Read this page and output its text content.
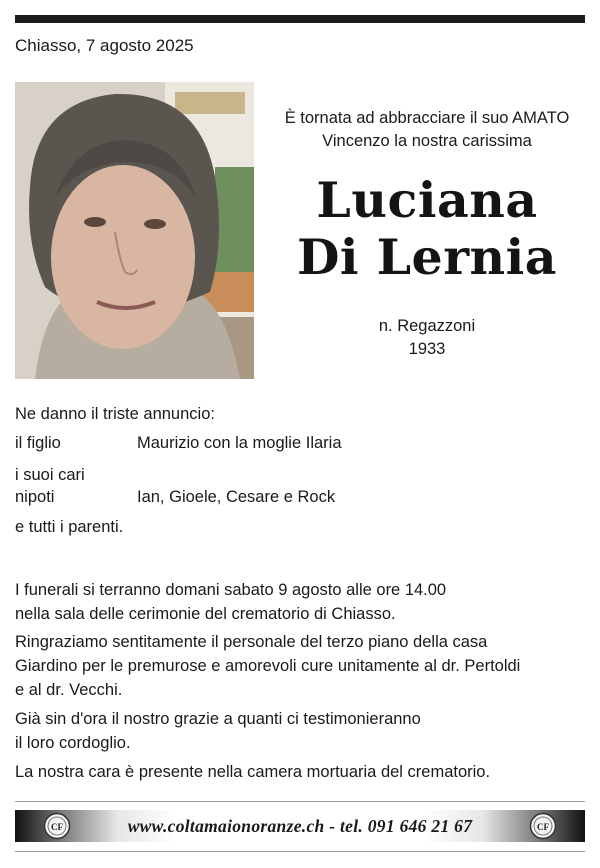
Chiasso, 7 agosto 2025
È tornata ad abbracciare il suo AMATO
Vincenzo la nostra carissima
Luciana
Di Lernia
n. Regazzoni
1933
Ne danno il triste annuncio:
il figlio	Maurizio con la moglie Ilaria
i suoi cari
nipoti	Ian, Gioele, Cesare e Rock
e tutti i parenti.
I funerali si terranno domani sabato 9 agosto alle ore 14.00
nella sala delle cerimonie del crematorio di Chiasso.
Ringraziamo sentitamente il personale del terzo piano della casa
Giardino per le premurose e amorevoli cure unitamente al dr. Pertoldi
e al dr. Vecchi.
Già sin d'ora il nostro grazie a quanti ci testimonieranno
il loro cordoglio.
La nostra cara è presente nella camera mortuaria del crematorio.
CF	www.coltamaionoranze.ch - tel. 091 646 21 67	CF
